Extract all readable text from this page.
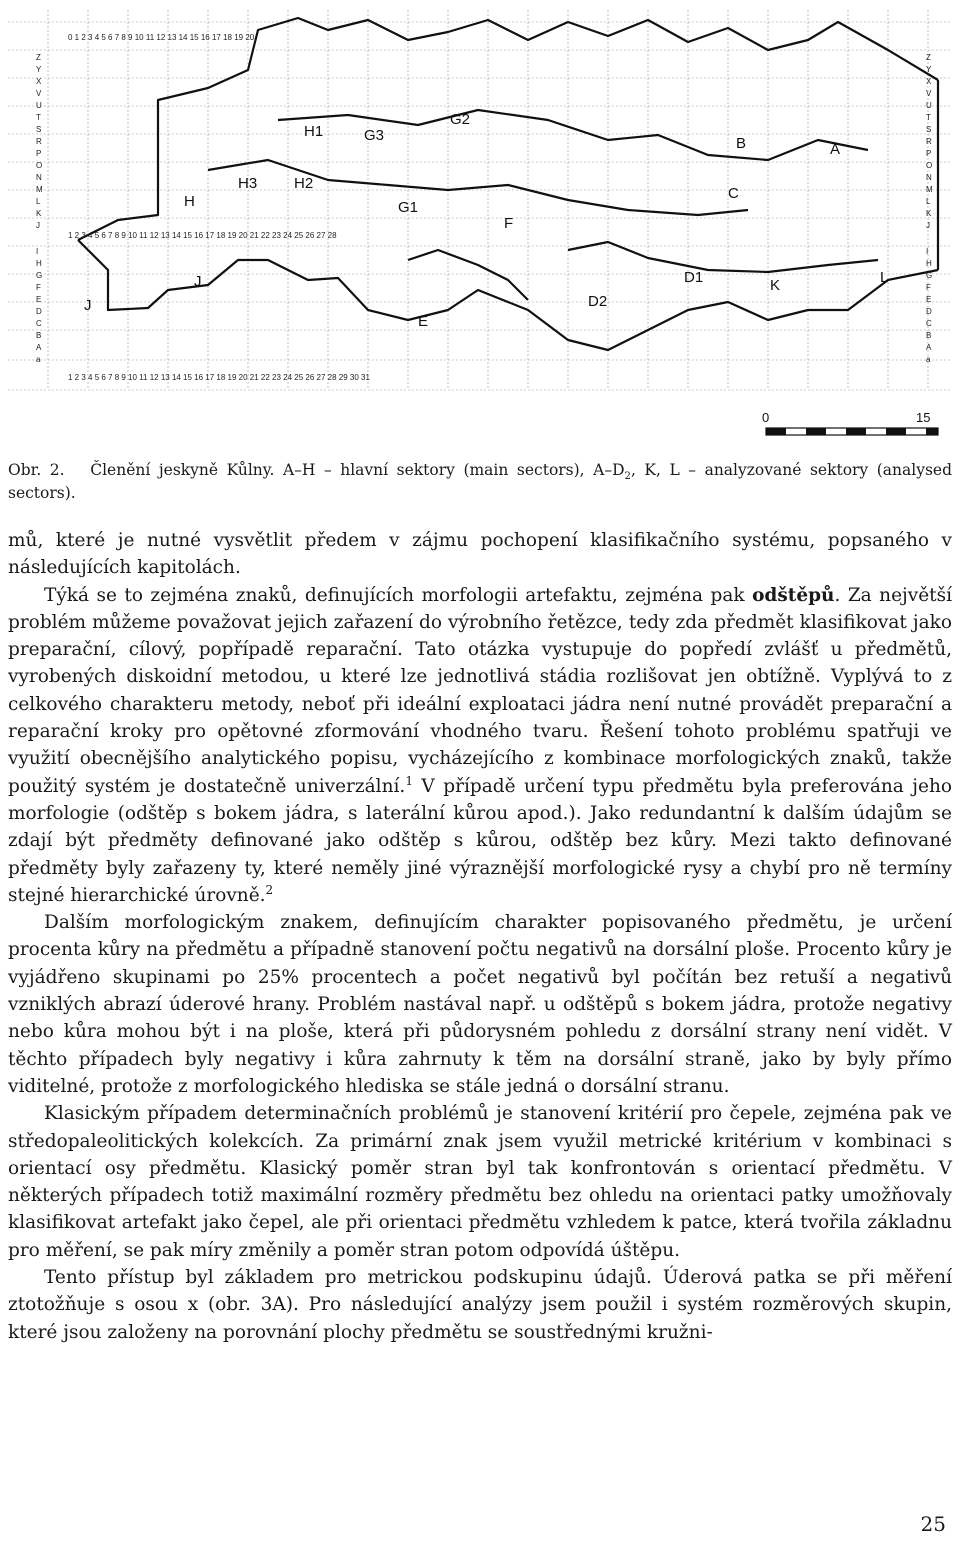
0 1 2 3 4 5 6 7 8 9 10 11 12 13 14 15 16 17 18 19 20
1 2 3 4 5 6 7 8 9 10 11 12 13 14 15 16 17 18 19 20 21 22 23 24 25 26 27 28
1 2 3 4 5 6 7 8 9 10 11 12 13 14 15 16 17 18 19 20 21 22 23 24 25 26 27 28 29 30 31
Z
Y
X
V
U
T
S
R
P
O
N
M
L
K
J
I
H
G
F
E
D
C
B
A
a
Z
Y
X
V
U
T
S
R
P
O
N
M
L
K
J
I
H
G
F
E
D
C
B
A
a
H1	G3
G2
H
H3 H2
G1
F
B	A
C
D1
D2
E
K	L
J
J
0	15
Obr. 2. Členění jeskyně Kůlny. A–H – hlavní sektory (main sectors), $A-D_2$, K, L – analyzované sektory (analysed sectors).

mů, které je nutné vysvětlit předem v zájmu pochopení klasifikačního systému, popsaného v následujících kapitolách.

Týká se to zejména znaků, definujících morfologii artefaktu, zejména pak odštěpů. Za největší problém můžeme považovat jejich zařazení do výrobního řetězce, tedy zda předmět klasifikovat jako preparační, cílový, popřípadě reparační. Tato otázka vystupuje do popředí zvlášť u předmětů, vyrobených diskoidní metodou, u které lze jednotlivá stádia rozlišovat jen obtížně. Vyplývá to z celkového charakteru metody, neboť při ideální exploataci jádra není nutné provádět preparační a reparační kroky pro opětovné zformování vhodného tvaru. Řešení tohoto problému spatřuji ve využití obecnějšího analytického popisu, vycházejícího z kombinace morfologických znaků, takže použitý systém je dostatečně univerzální.$^1$ V případě určení typu předmětu byla preferována jeho morfologie (odštěp s bokem jádra, s laterální kůrou apod.). Jako redundantní k dalším údajům se zdají být předměty definované jako odštěp s kůrou, odštěp bez kůry. Mezi takto definované předměty byly zařazeny ty, které neměly jiné výraznější morfologické rysy a chybí pro ně termíny stejné hierarchické úrovně.$^2$

Dalším morfologickým znakem, definujícím charakter popisovaného předmětu, je určení procenta kůry na předmětu a případně stanovení počtu negativů na dorsální ploše. Procento kůry je vyjádřeno skupinami po 25% procentech a počet negativů byl počítán bez retuší a negativů vzniklých abrazí úderové hrany. Problém nastával např. u odštěpů s bokem jádra, protože negativy nebo kůra mohou být i na ploše, která při půdorysném pohledu z dorsální strany není vidět. V těchto případech byly negativy i kůra zahrnuty k těm na dorsální straně, jako by byly přímo viditelné, protože z morfologického hlediska se stále jedná o dorsální stranu.

Klasickým případem determinačních problémů je stanovení kritérií pro čepele, zejména pak ve středopaleolitických kolekcích. Za primární znak jsem využil metrické kritérium v kombinaci s orientací osy předmětu. Klasický poměr stran byl tak konfrontován s orientací předmětu. V některých případech totiž maximální rozměry předmětu bez ohledu na orientaci patky umožňovaly klasifikovat artefakt jako čepel, ale při orientaci předmětu vzhledem k patce, která tvořila základnu pro měření, se pak míry změnily a poměr stran potom odpovídá úštěpu.

Tento přístup byl základem pro metrickou podskupinu údajů. Úderová patka se při měření ztotožňuje s osou x (obr. 3A). Pro následující analýzy jsem použil i systém rozměrových skupin, které jsou založeny na porovnání plochy předmětu se soustřednými kružni-

25
